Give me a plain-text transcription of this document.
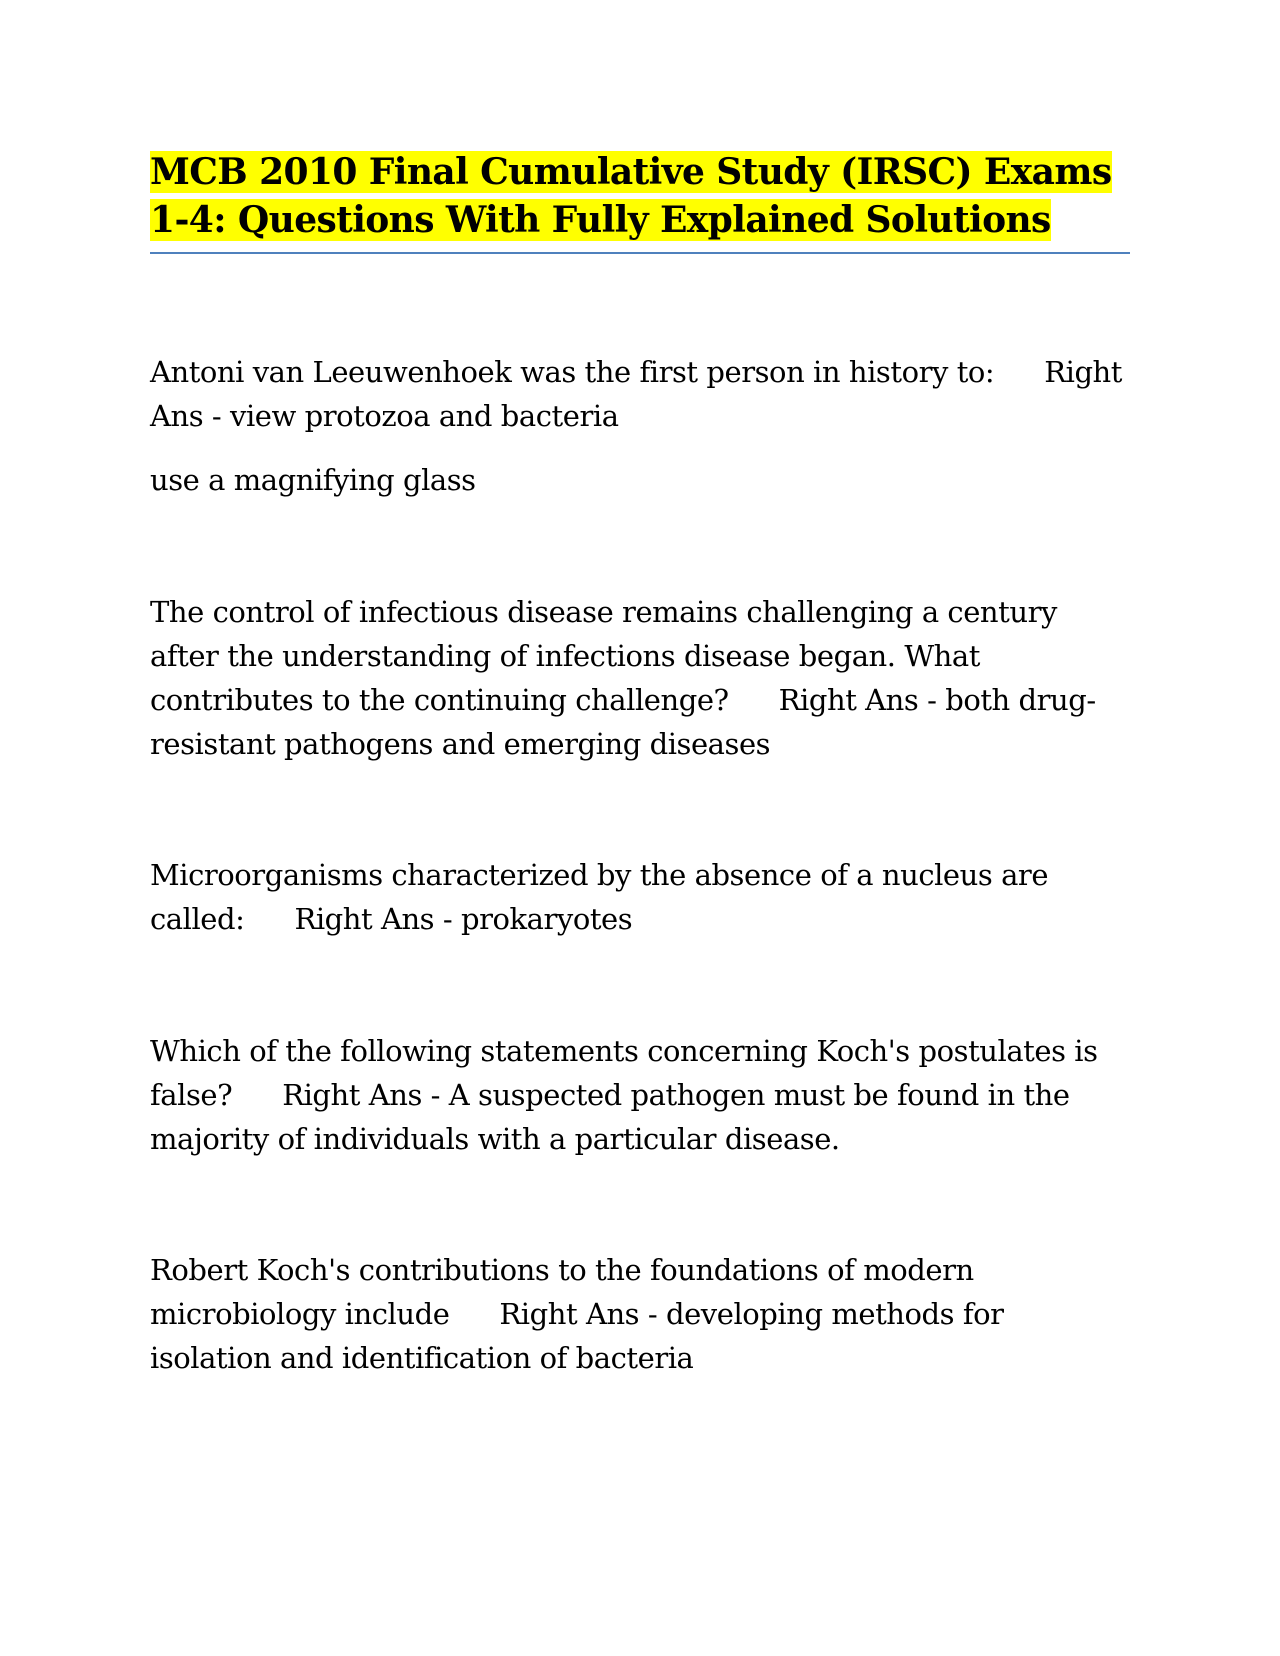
MCB 2010 Final Cumulative Study (IRSC) Exams 1-4: Questions With Fully Explained Solutions

Antoni van Leeuwenhoek was the first person in history to: Right Ans - view protozoa and bacteria

use a magnifying glass

The control of infectious disease remains challenging a century after the understanding of infections disease began. What contributes to the continuing challenge? Right Ans - both drug-resistant pathogens and emerging diseases

Microorganisms characterized by the absence of a nucleus are called: Right Ans - prokaryotes

Which of the following statements concerning Koch's postulates is false? Right Ans - A suspected pathogen must be found in the majority of individuals with a particular disease.

Robert Koch's contributions to the foundations of modern microbiology include Right Ans - developing methods for isolation and identification of bacteria
